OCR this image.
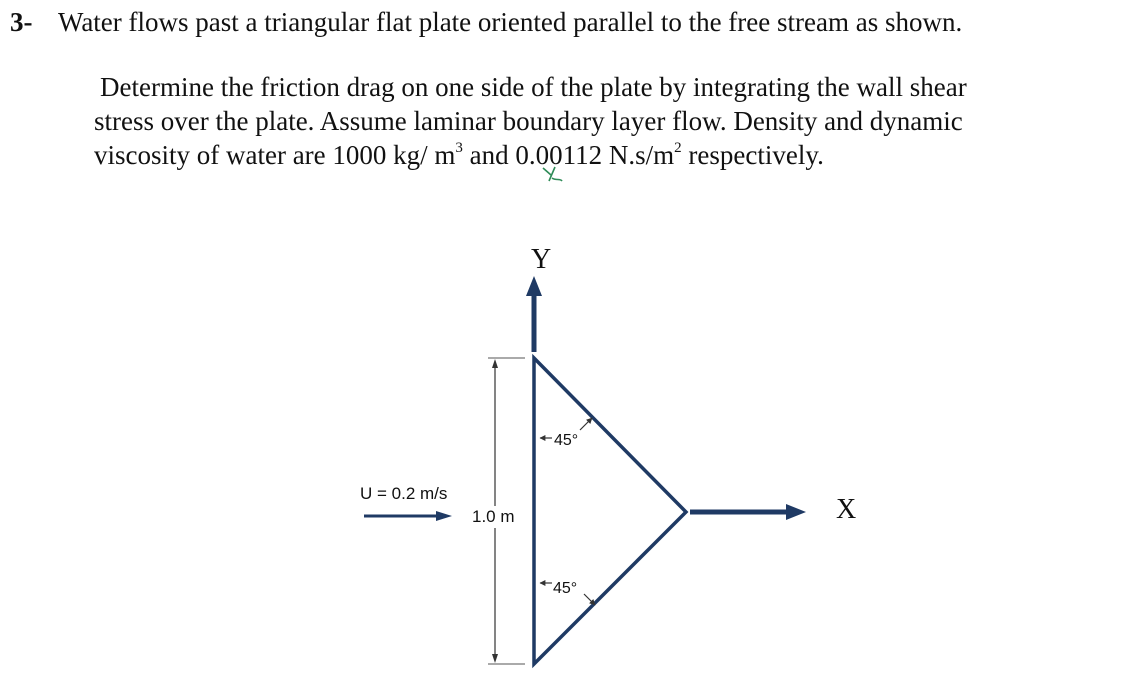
3- Water flows past a triangular flat plate oriented parallel to the free stream as shown.
Determine the friction drag on one side of the plate by integrating the wall shear
stress over the plate. Assume laminar boundary layer flow. Density and dynamic
viscosity of water are 1000 kg/ $m^3$ and 0.00112 $N.s/m^2$ respectively.
Y
X
U = 0.2 m/s
1.0 m
45°
45°
